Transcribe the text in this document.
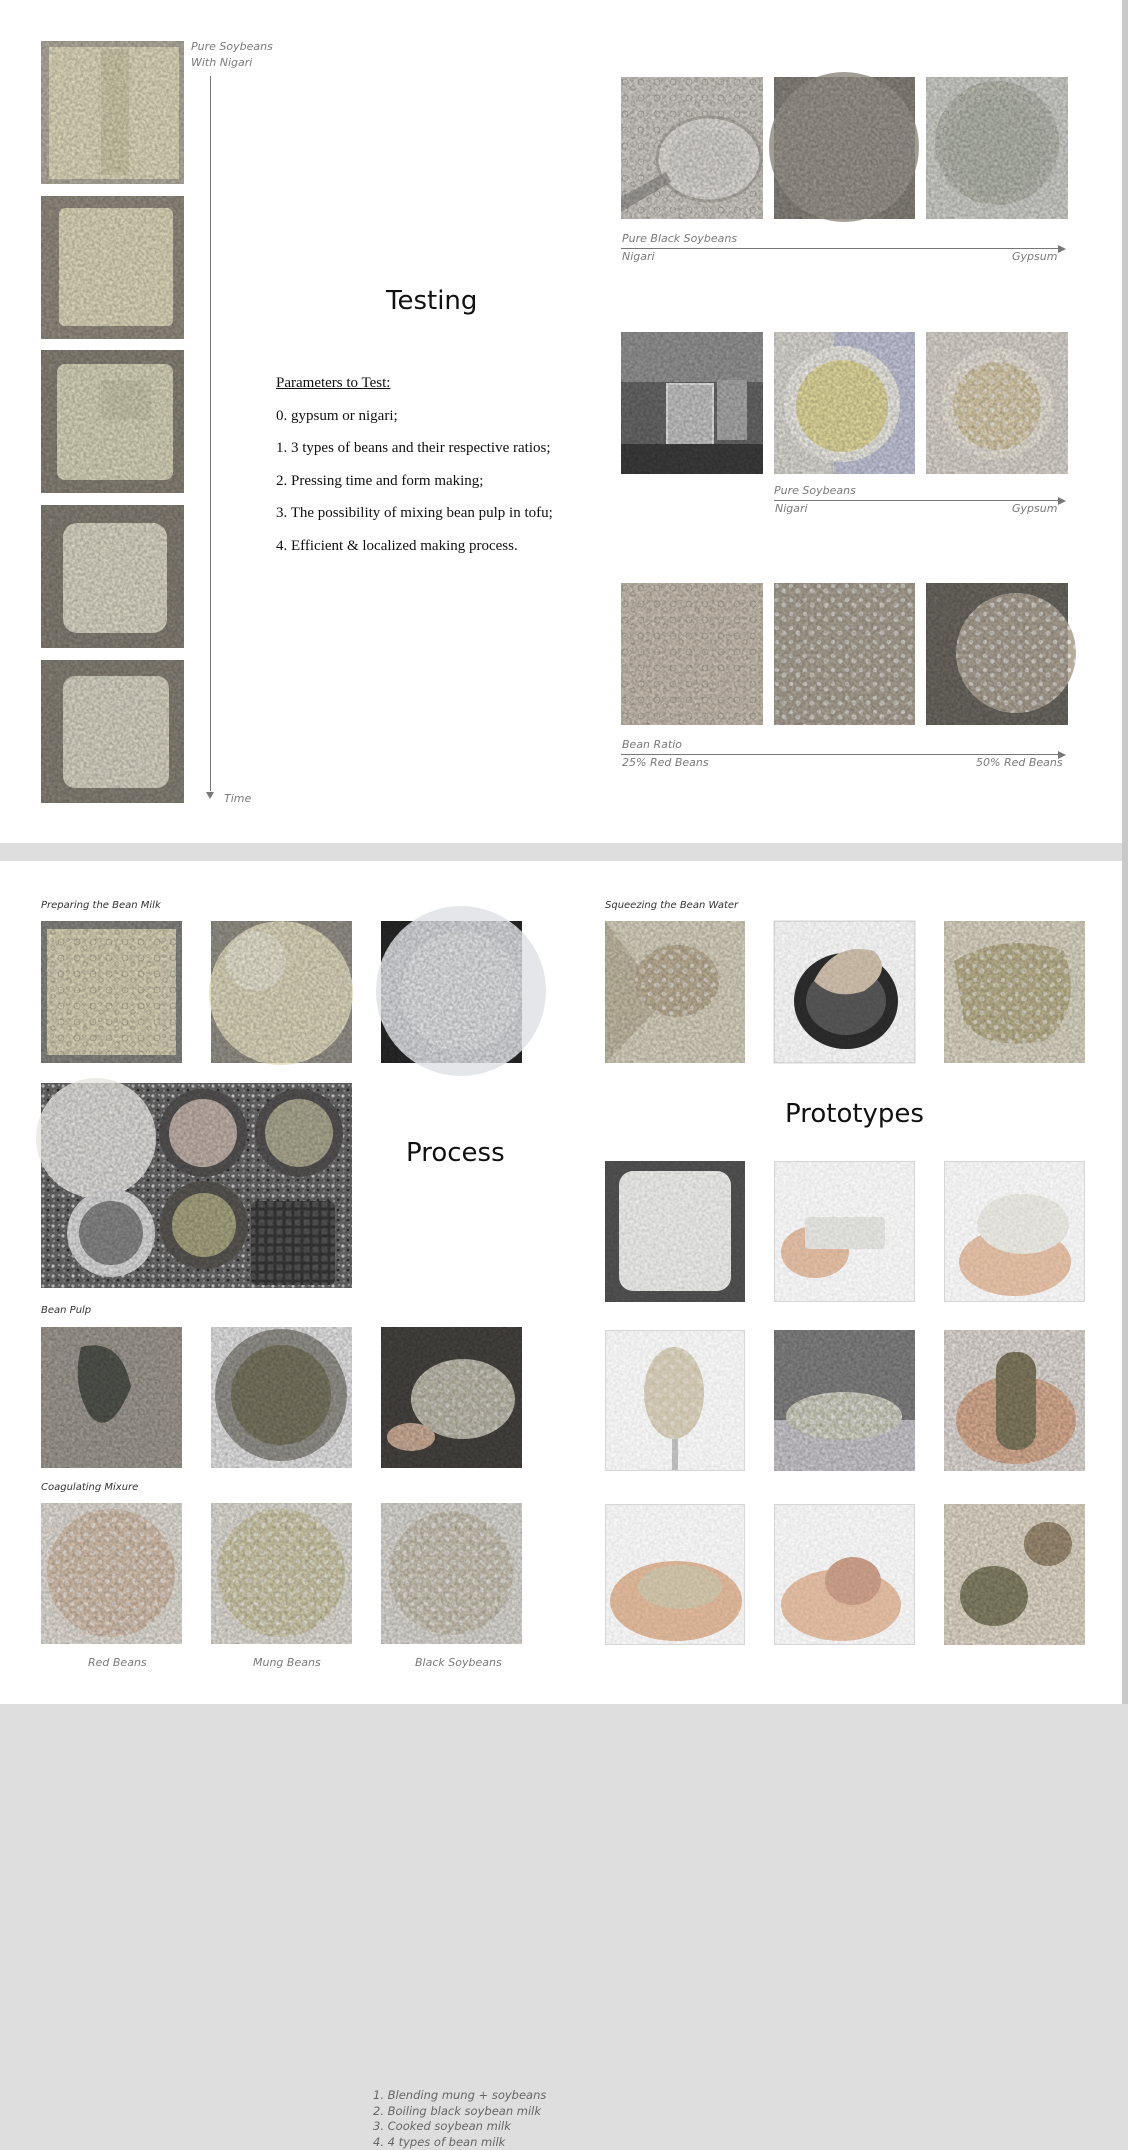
Pure Soybeans
With Nigari
Time
Testing
Parameters to Test:
0. gypsum or nigari;
1. 3 types of beans and their respective ratios;
2. Pressing time and form making;
3. The possibility of mixing bean pulp in tofu;
4. Efficient & localized making process.
Pure Black Soybeans
Nigari	Gypsum
Pure Soybeans
Nigari	Gypsum
Bean Ratio
25% Red Beans	50% Red Beans
Preparing the Bean Milk
Process
1. Blending mung + soybeans
2. Boiling black soybean milk
3. Cooked soybean milk
4. 4 types of bean milk
Bean Pulp
Coagulating Mixure
Red Beans	Mung Beans	Black Soybeans
Squeezing the Bean Water
Prototypes
